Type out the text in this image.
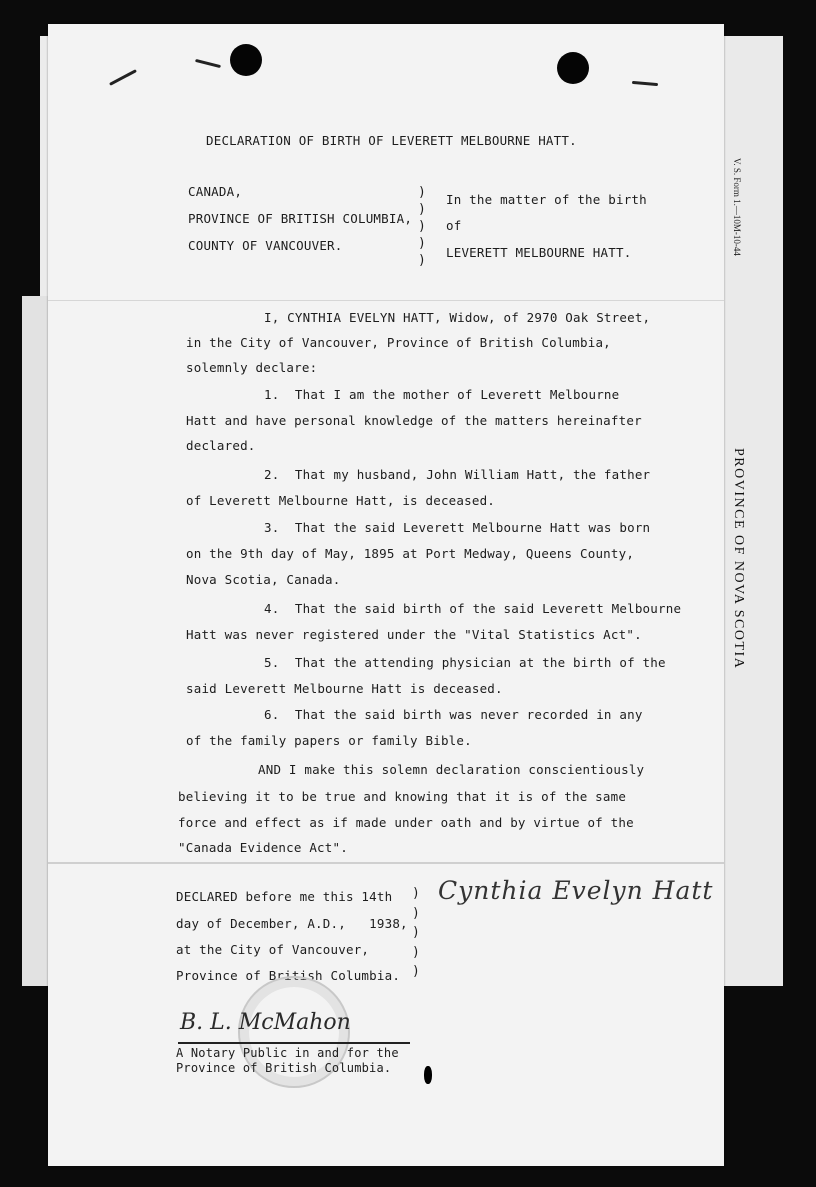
V. S. Form 1.—10M-10-44
PROVINCE OF NOVA SCOTIA
DECLARATION OF BIRTH OF LEVERETT MELBOURNE HATT.
CANADA,
PROVINCE OF BRITISH COLUMBIA,
COUNTY OF VANCOUVER.
)
)
)
)
)
In the matter of the birth
of
LEVERETT MELBOURNE HATT.
I, CYNTHIA EVELYN HATT, Widow, of 2970 Oak Street,
in the City of Vancouver, Province of British Columbia,
solemnly declare:
1.  That I am the mother of Leverett Melbourne
Hatt and have personal knowledge of the matters hereinafter
declared.
2.  That my husband, John William Hatt, the father
of Leverett Melbourne Hatt, is deceased.
3.  That the said Leverett Melbourne Hatt was born
on the 9th day of May, 1895 at Port Medway, Queens County,
Nova Scotia, Canada.
4.  That the said birth of the said Leverett Melbourne
Hatt was never registered under the "Vital Statistics Act".
5.  That the attending physician at the birth of the
said Leverett Melbourne Hatt is deceased.
6.  That the said birth was never recorded in any
of the family papers or family Bible.
AND I make this solemn declaration conscientiously
believing it to be true and knowing that it is of the same
force and effect as if made under oath and by virtue of the
"Canada Evidence Act".
DECLARED before me this 14th
day of December, A.D.,   1938,
at the City of Vancouver,
Province of British Columbia.
)
)
)
)
)
Cynthia Evelyn Hatt
B. L. McMahon
A Notary Public in and for the
Province of British Columbia.
